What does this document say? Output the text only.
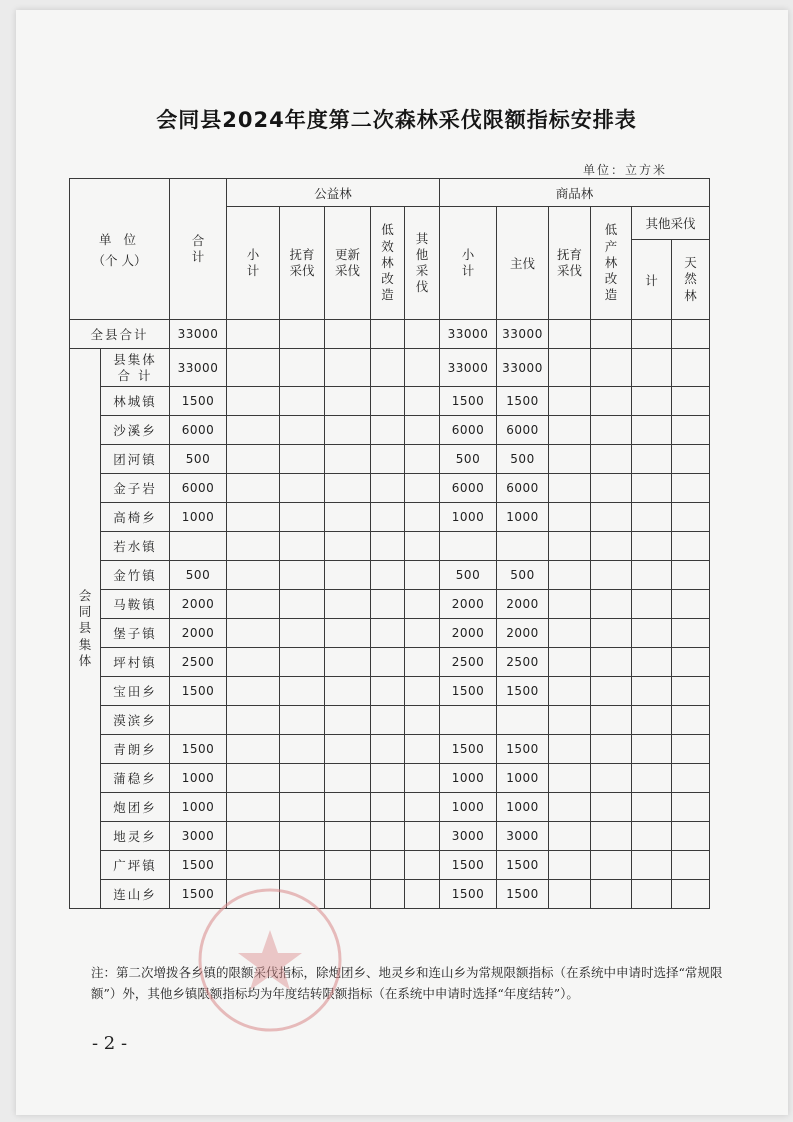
会同县2024年度第二次森林采伐限额指标安排表
单位：立方米
单 位
（个 人）		合计	公益林					商品林					
			小计	抚育采伐	更新采伐	低效林改造	其他采伐	小计	主伐	抚育采伐	低产林改造	其他采伐	
												计	天然林
全县合计		33000						33000	33000				
会同县集体	县集体合 计	33000						33000	33000				
	林城镇	1500						1500	1500				
	沙溪乡	6000						6000	6000				
	团河镇	500						500	500				
	金子岩	6000						6000	6000				
	高椅乡	1000						1000	1000				
	若水镇												
	金竹镇	500						500	500				
	马鞍镇	2000						2000	2000				
	堡子镇	2000						2000	2000				
	坪村镇	2500						2500	2500				
	宝田乡	1500						1500	1500				
	漠滨乡												
	青朗乡	1500						1500	1500				
	蒲稳乡	1000						1000	1000				
	炮团乡	1000						1000	1000				
	地灵乡	3000						3000	3000				
	广坪镇	1500						1500	1500				
	连山乡	1500						1500	1500				
注：第二次增拨各乡镇的限额采伐指标，除炮团乡、地灵乡和连山乡为常规限额指标（在系统中申请时选择“常规限额”）外，其他乡镇限额指标均为年度结转限额指标（在系统中申请时选择“年度结转”）。
- 2 -
